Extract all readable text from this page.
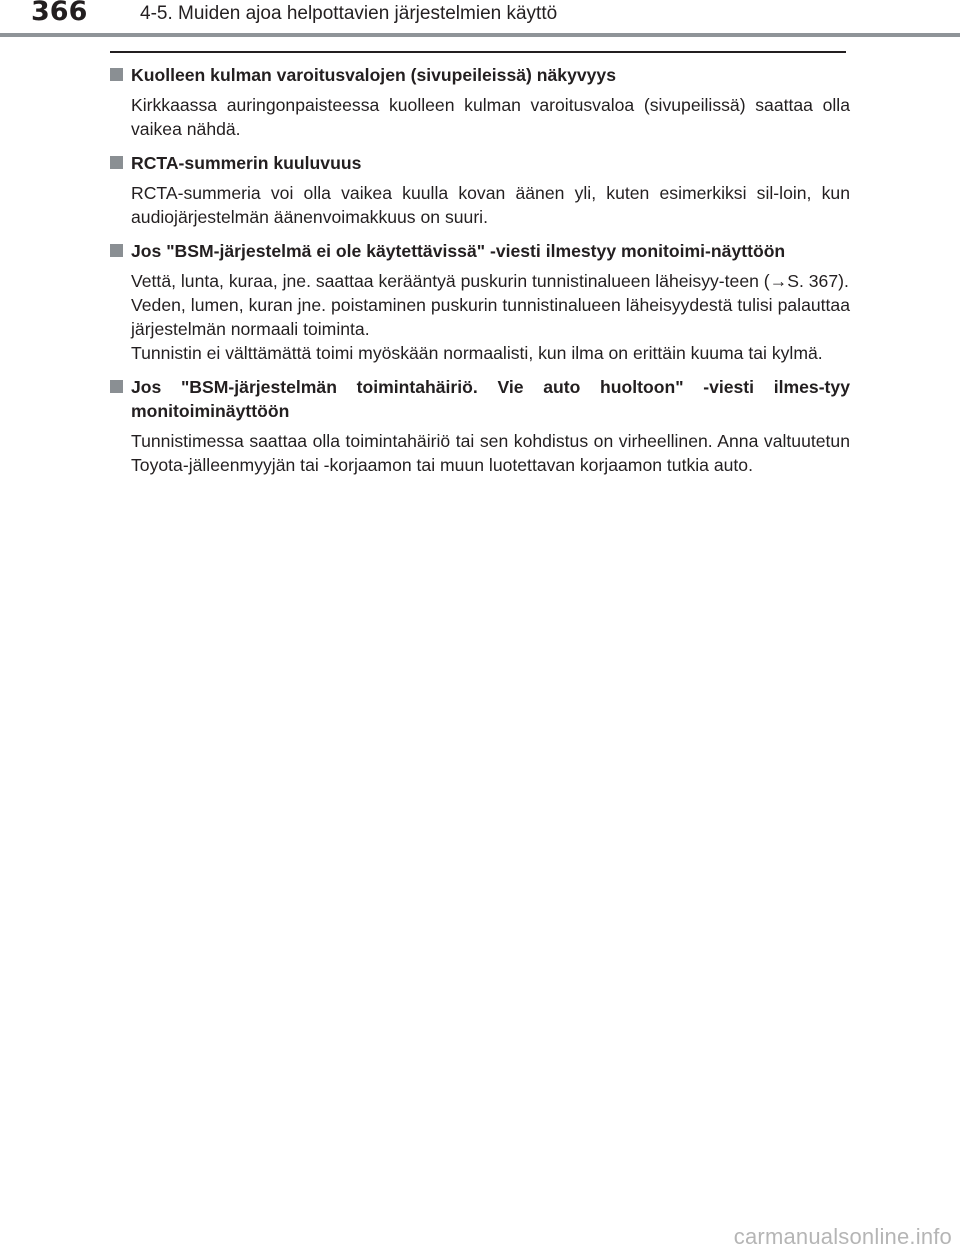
366	4-5. Muiden ajoa helpottavien järjestelmien käyttö
Kuolleen kulman varoitusvalojen (sivupeileissä) näkyvyys
Kirkkaassa auringonpaisteessa kuolleen kulman varoitusvaloa (sivupeilissä) saattaa olla vaikea nähdä.
RCTA-summerin kuuluvuus
RCTA-summeria voi olla vaikea kuulla kovan äänen yli, kuten esimerkiksi sil-loin, kun audiojärjestelmän äänenvoimakkuus on suuri.
Jos "BSM-järjestelmä ei ole käytettävissä" -viesti ilmestyy monitoimi-näyttöön
Vettä, lunta, kuraa, jne. saattaa kerääntyä puskurin tunnistinalueen läheisyy-teen (→S. 367).
Veden, lumen, kuran jne. poistaminen puskurin tunnistinalueen läheisyydestä tulisi palauttaa järjestelmän normaali toiminta.
Tunnistin ei välttämättä toimi myöskään normaalisti, kun ilma on erittäin kuuma tai kylmä.
Jos "BSM-järjestelmän toimintahäiriö. Vie auto huoltoon" -viesti ilmes-tyy monitoiminäyttöön
Tunnistimessa saattaa olla toimintahäiriö tai sen kohdistus on virheellinen. Anna valtuutetun Toyota-jälleenmyyjän tai -korjaamon tai muun luotettavan korjaamon tutkia auto.
carmanualsonline.info
